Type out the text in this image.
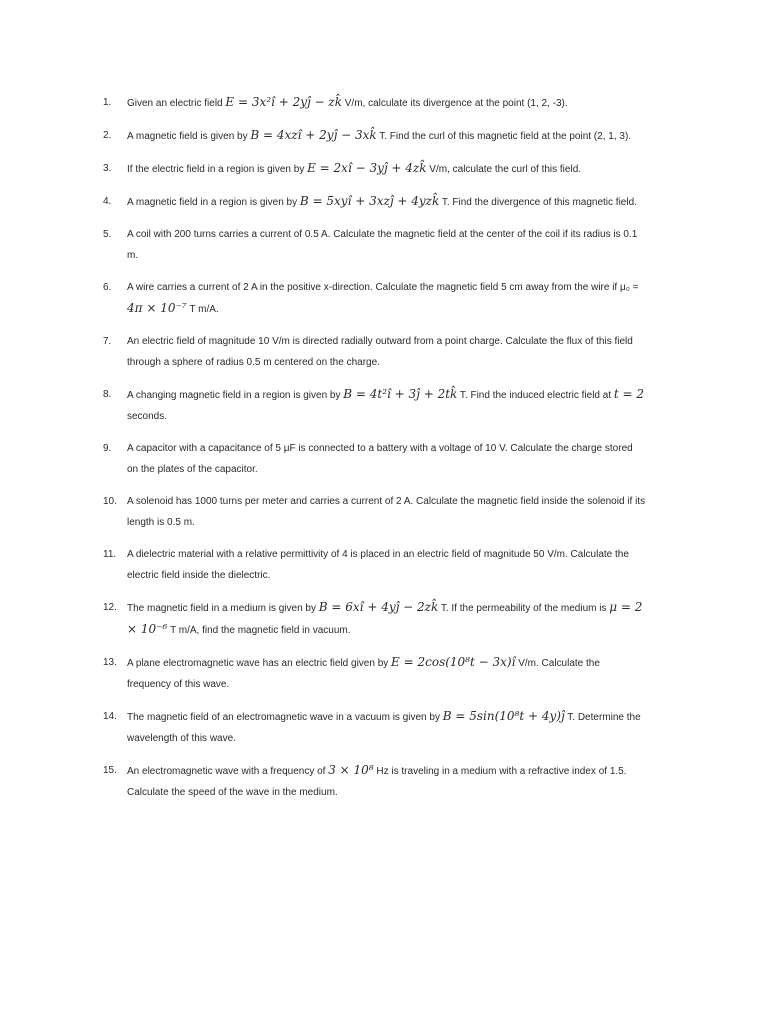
1.	Given an electric field E = 3x²î + 2yĵ − zk̂ V/m, calculate its divergence at the point (1, 2, -3).
2.	A magnetic field is given by B = 4xzî + 2yĵ − 3xk̂ T. Find the curl of this magnetic field at the point (2, 1, 3).
3.	If the electric field in a region is given by E = 2xî − 3yĵ + 4zk̂ V/m, calculate the curl of this field.
4.	A magnetic field in a region is given by B = 5xyî + 3xzĵ + 4yzk̂ T. Find the divergence of this magnetic field.
5.	A coil with 200 turns carries a current of 0.5 A. Calculate the magnetic field at the center of the coil if its radius is 0.1 m.
6.	A wire carries a current of 2 A in the positive x-direction. Calculate the magnetic field 5 cm away from the wire if μ₀ = 4π × 10⁻⁷ T m/A.
7.	An electric field of magnitude 10 V/m is directed radially outward from a point charge. Calculate the flux of this field through a sphere of radius 0.5 m centered on the charge.
8.	A changing magnetic field in a region is given by B = 4t²î + 3ĵ + 2tk̂ T. Find the induced electric field at t = 2 seconds.
9.	A capacitor with a capacitance of 5 μF is connected to a battery with a voltage of 10 V. Calculate the charge stored on the plates of the capacitor.
10.	A solenoid has 1000 turns per meter and carries a current of 2 A. Calculate the magnetic field inside the solenoid if its length is 0.5 m.
11.	A dielectric material with a relative permittivity of 4 is placed in an electric field of magnitude 50 V/m. Calculate the electric field inside the dielectric.
12.	The magnetic field in a medium is given by B = 6xî + 4yĵ − 2zk̂ T. If the permeability of the medium is μ = 2 × 10⁻⁶ T m/A, find the magnetic field in vacuum.
13.	A plane electromagnetic wave has an electric field given by E = 2cos(10⁸t − 3x)î V/m. Calculate the frequency of this wave.
14.	The magnetic field of an electromagnetic wave in a vacuum is given by B = 5sin(10⁸t + 4y)ĵ T. Determine the wavelength of this wave.
15.	An electromagnetic wave with a frequency of 3 × 10⁸ Hz is traveling in a medium with a refractive index of 1.5. Calculate the speed of the wave in the medium.
